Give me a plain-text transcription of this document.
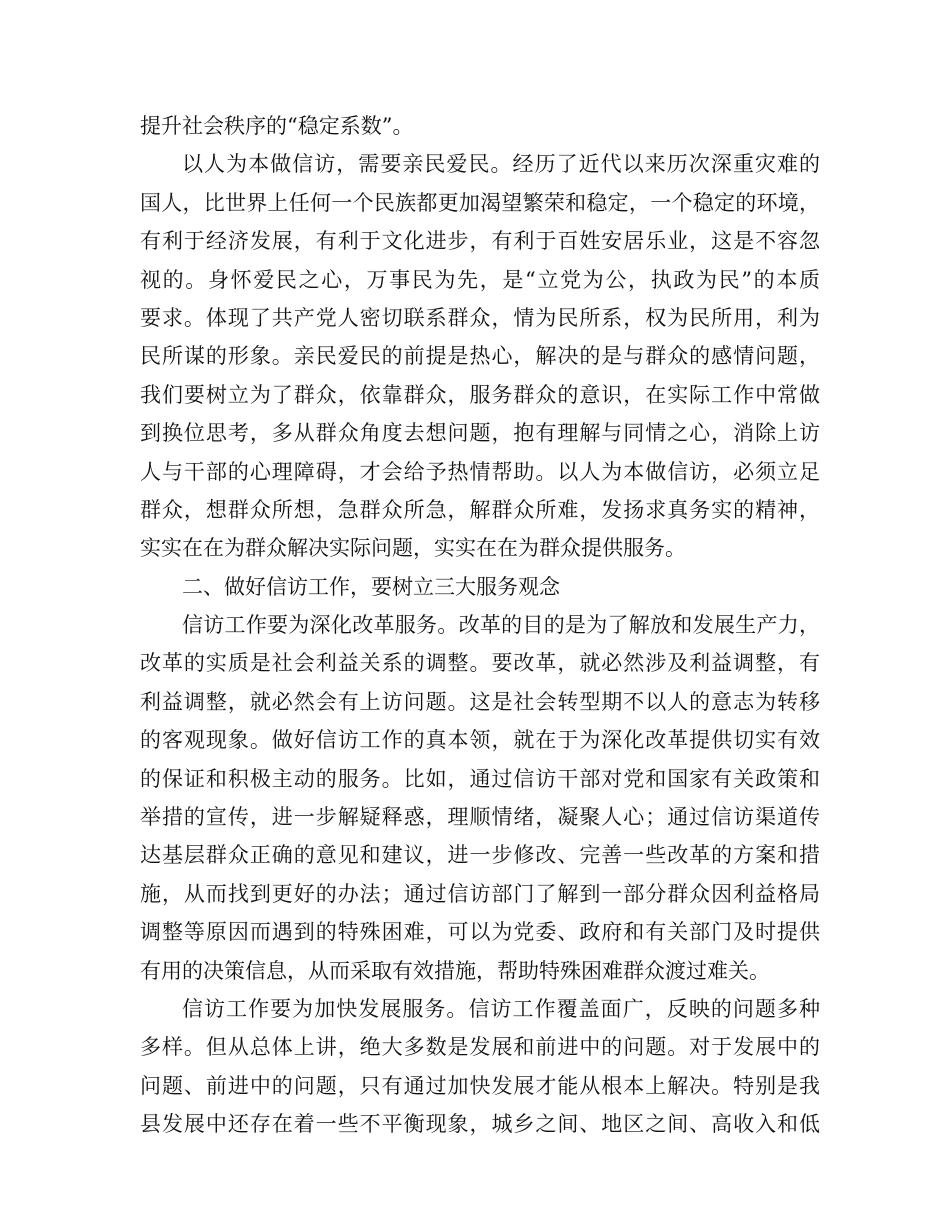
提升社会秩序的“稳定系数”。
以人为本做信访，需要亲民爱民。经历了近代以来历次深重灾难的
国人，比世界上任何一个民族都更加渴望繁荣和稳定，一个稳定的环境，
有利于经济发展，有利于文化进步，有利于百姓安居乐业，这是不容忽
视的。身怀爱民之心，万事民为先，是“立党为公，执政为民”的本质
要求。体现了共产党人密切联系群众，情为民所系，权为民所用，利为
民所谋的形象。亲民爱民的前提是热心，解决的是与群众的感情问题，
我们要树立为了群众，依靠群众，服务群众的意识，在实际工作中常做
到换位思考，多从群众角度去想问题，抱有理解与同情之心，消除上访
人与干部的心理障碍，才会给予热情帮助。以人为本做信访，必须立足
群众，想群众所想，急群众所急，解群众所难，发扬求真务实的精神，
实实在在为群众解决实际问题，实实在在为群众提供服务。
二、做好信访工作，要树立三大服务观念
信访工作要为深化改革服务。改革的目的是为了解放和发展生产力，
改革的实质是社会利益关系的调整。要改革，就必然涉及利益调整，有
利益调整，就必然会有上访问题。这是社会转型期不以人的意志为转移
的客观现象。做好信访工作的真本领，就在于为深化改革提供切实有效
的保证和积极主动的服务。比如，通过信访干部对党和国家有关政策和
举措的宣传，进一步解疑释惑，理顺情绪，凝聚人心；通过信访渠道传
达基层群众正确的意见和建议，进一步修改、完善一些改革的方案和措
施，从而找到更好的办法；通过信访部门了解到一部分群众因利益格局
调整等原因而遇到的特殊困难，可以为党委、政府和有关部门及时提供
有用的决策信息，从而采取有效措施，帮助特殊困难群众渡过难关。
信访工作要为加快发展服务。信访工作覆盖面广，反映的问题多种
多样。但从总体上讲，绝大多数是发展和前进中的问题。对于发展中的
问题、前进中的问题，只有通过加快发展才能从根本上解决。特别是我
县发展中还存在着一些不平衡现象，城乡之间、地区之间、高收入和低
